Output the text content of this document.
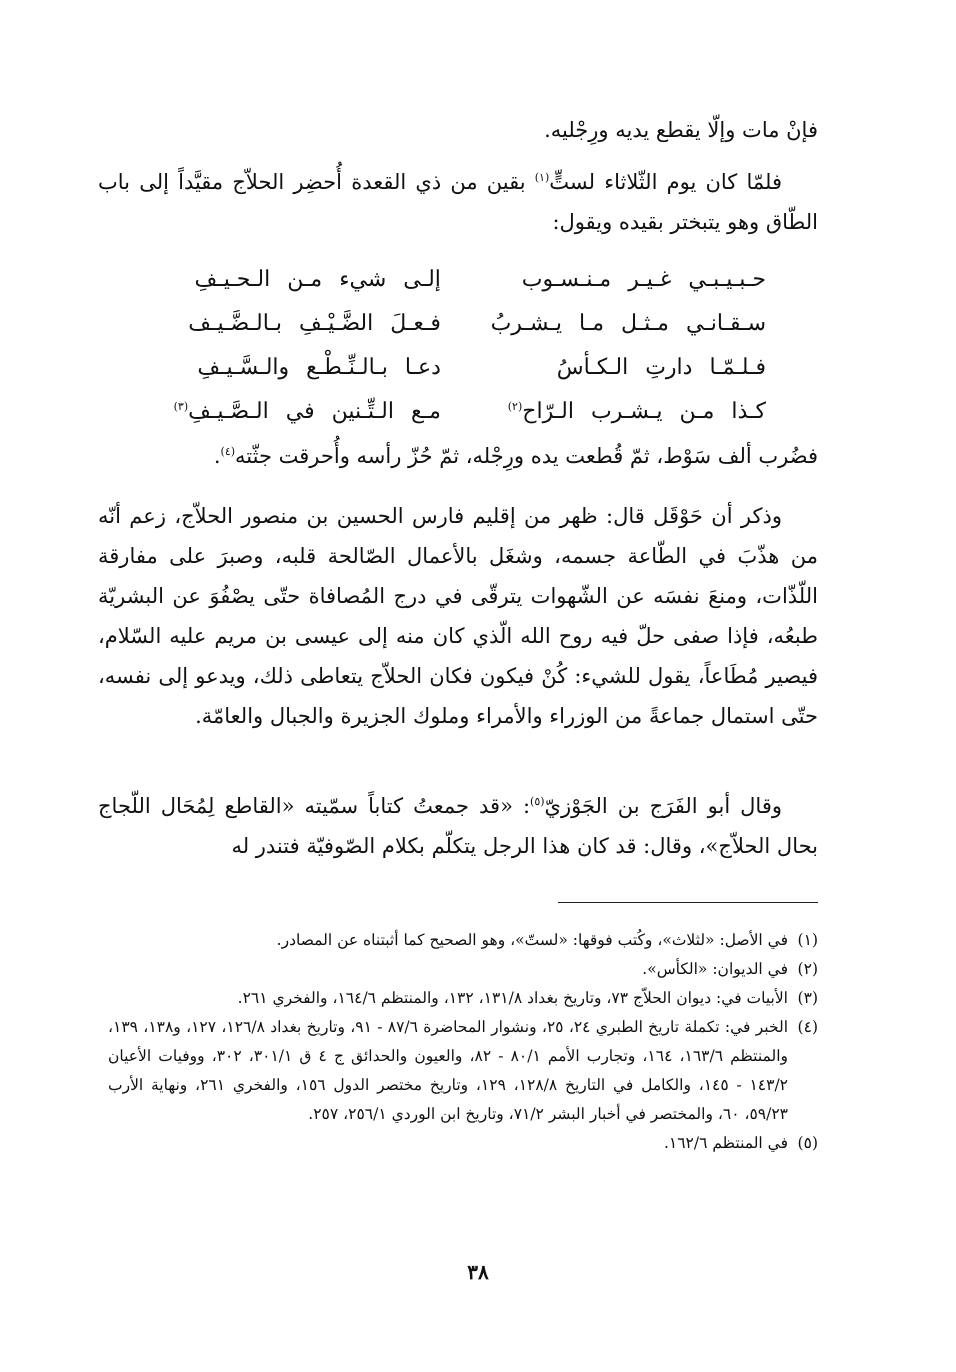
فإنْ مات وإلّا يقطع يديه ورِجْليه.

فلمّا كان يوم الثّلاثاء لستٍّ$^{(١)}$ بقين من ذي القعدة أُحضِر الحلاّج مقيَّداً إلى باب الطّاق وهو يتبختر بقيده ويقول:

حـبـيـبـي غـيـر مـنـسـوب
إلـى شيء مـن الـحـيـفِ
سـقـانـي مـثـل مـا يـشـربُ
فـعـلَ الضَّـيْـفِ بـالـضَّـيـف
فـلـمّـا دارتِ الـكـأسُ
دعـا بـالـنِّـطْـع والـسَّـيـفِ
كـذا مـن يـشـرب الـرّاح$^{(٢)}$
مـع الـتِّـنين في الـصَّـيـفِ$^{(٣)}$

فضُرب ألف سَوْط، ثمّ قُطعت يده ورِجْله، ثمّ حُزّ رأسه وأُحرقت جثّته$^{(٤)}$.

وذكر أن حَوْقَل قال: ظهر من إقليم فارس الحسين بن منصور الحلاّج، زعم أنّه من هذّبَ في الطّاعة جسمه، وشغَل بالأعمال الصّالحة قلبه، وصبرَ على مفارقة اللّذّات، ومنعَ نفسَه عن الشّهوات يترقّى في درج المُصافاة حتّى يصْفُوَ عن البشريّة طبعُه، فإذا صفى حلّ فيه روح الله الّذي كان منه إلى عيسى بن مريم عليه السّلام، فيصير مُطَاعاً، يقول للشيء: كُنْ فيكون فكان الحلاّج يتعاطى ذلك، ويدعو إلى نفسه، حتّى استمال جماعةً من الوزراء والأمراء وملوك الجزيرة والجبال والعامّة.

وقال أبو الفَرَج بن الجَوْزيّ$^{(٥)}$: «قد جمعتُ كتاباً سمّيته «القاطع لِمُحَال اللّجاج بحال الحلاّج»، وقال: قد كان هذا الرجل يتكلّم بكلام الصّوفيّة فتندر له

(١)
في الأصل: «لثلاث»، وكُتب فوقها: «لستّ»، وهو الصحيح كما أثبتناه عن المصادر.

(٢)
في الديوان: «الكأس».

(٣)
الأبيات في: ديوان الحلاّج ٧٣، وتاريخ بغداد ١٣١/٨، ١٣٢، والمنتظم ١٦٤/٦، والفخري ٢٦١.

(٤)
الخبر في: تكملة تاريخ الطبري ٢٤، ٢٥، ونشوار المحاضرة ٨٧/٦ - ٩١، وتاريخ بغداد ١٢٦/٨، ١٢٧، و١٣٨، ١٣٩، والمنتظم ١٦٣/٦، ١٦٤، وتجارب الأمم ٨٠/١ - ٨٢، والعيون والحدائق ج ٤ ق ٣٠١/١، ٣٠٢، ووفيات الأعيان ١٤٣/٢ - ١٤٥، والكامل في التاريخ ١٢٨/٨، ١٢٩، وتاريخ مختصر الدول ١٥٦، والفخري ٢٦١، ونهاية الأرب ٥٩/٢٣، ٦٠، والمختصر في أخبار البشر ٧١/٢، وتاريخ ابن الوردي ٢٥٦/١، ٢٥٧.

(٥)
في المنتظم ١٦٢/٦.

٣٨
